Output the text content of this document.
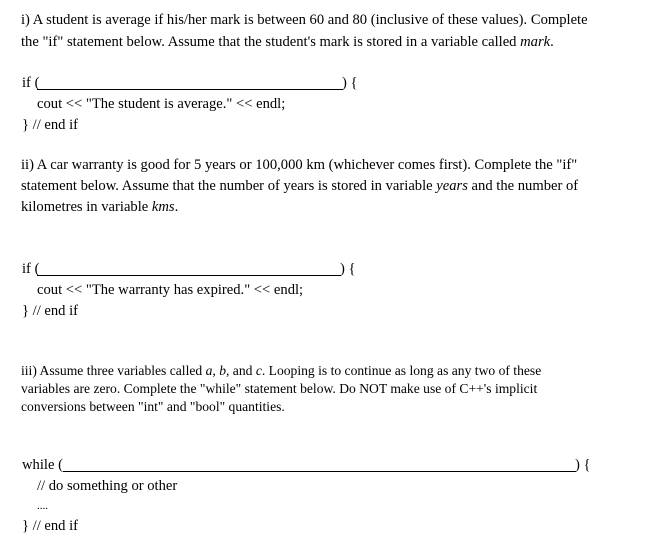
i) A student is average if his/her mark is between 60 and 80 (inclusive of these values). Complete
the "if" statement below. Assume that the student's mark is stored in a variable called mark.
if (	) {
cout << "The student is average." << endl;
} // end if
ii) A car warranty is good for 5 years or 100,000 km (whichever comes first). Complete the "if"
statement below. Assume that the number of years is stored in variable years and the number of
kilometres in variable kms.
if (	) {
cout << "The warranty has expired." << endl;
} // end if
iii) Assume three variables called a, b, and c. Looping is to continue as long as any two of these
variables are zero. Complete the "while" statement below. Do NOT make use of C++'s implicit
conversions between "int" and "bool" quantities.
while (	) {
// do something or other
....
} // end if
